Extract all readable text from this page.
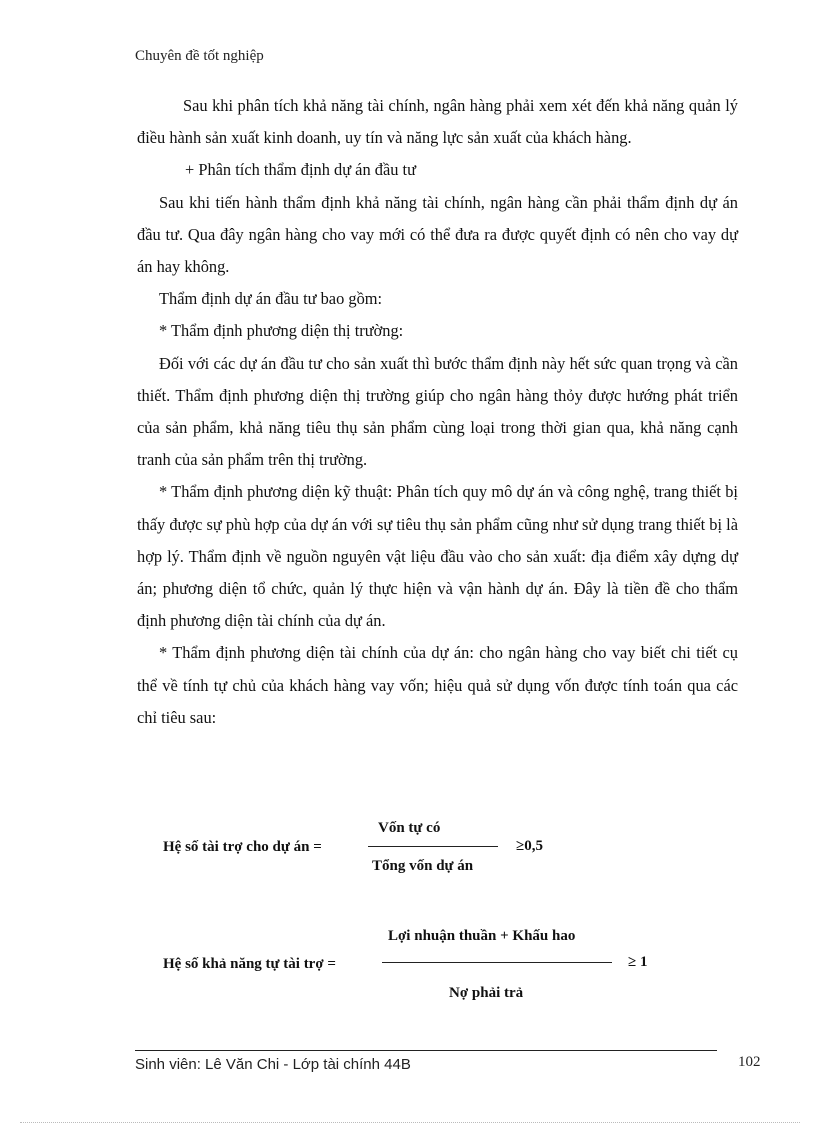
Chuyên đề tốt nghiệp

Sau khi phân tích khả năng tài chính, ngân hàng phải xem xét đến khả năng quản lý điều hành sản xuất kinh doanh, uy tín và năng lực sản xuất của khách hàng.

+ Phân tích thẩm định dự án đầu tư

Sau khi tiến hành thẩm định khả năng tài chính, ngân hàng cần phải thẩm định dự án đầu tư. Qua đây ngân hàng cho vay mới có thể đưa ra được quyết định có nên cho vay dự án hay không.

Thẩm định dự án đầu tư bao gồm:

* Thẩm định phương diện thị trường:

Đối với các dự án đầu tư cho sản xuất thì bước thẩm định này hết sức quan trọng và cần thiết. Thẩm định phương diện thị trường giúp cho ngân hàng thỏy được hướng phát triển của sản phẩm, khả năng tiêu thụ sản phẩm cùng loại trong thời gian qua, khả năng cạnh tranh của sản phẩm trên thị trường.

* Thẩm định phương diện kỹ thuật: Phân tích quy mô dự án và công nghệ, trang thiết bị thấy được sự phù hợp của dự án với sự tiêu thụ sản phẩm cũng như sử dụng trang thiết bị là hợp lý. Thẩm định về nguồn nguyên vật liệu đầu vào cho sản xuất: địa điểm xây dựng dự án; phương diện tổ chức, quản lý thực hiện và vận hành dự án. Đây là tiền đề cho thẩm định phương diện tài chính của dự án.

* Thẩm định phương diện tài chính của dự án: cho ngân hàng cho vay biết chi tiết cụ thể về tính tự chủ của khách hàng vay vốn; hiệu quả sử dụng vốn được tính toán qua các chỉ tiêu sau:

Hệ số tài trợ cho dự án =
Vốn tự có
Tổng vốn dự án
≥0,5
Hệ số khả năng tự tài trợ =
Lợi nhuận thuần + Khấu hao
Nợ phải trả
≥ 1
Sinh viên: Lê Văn Chi - Lớp tài chính 44B	102
